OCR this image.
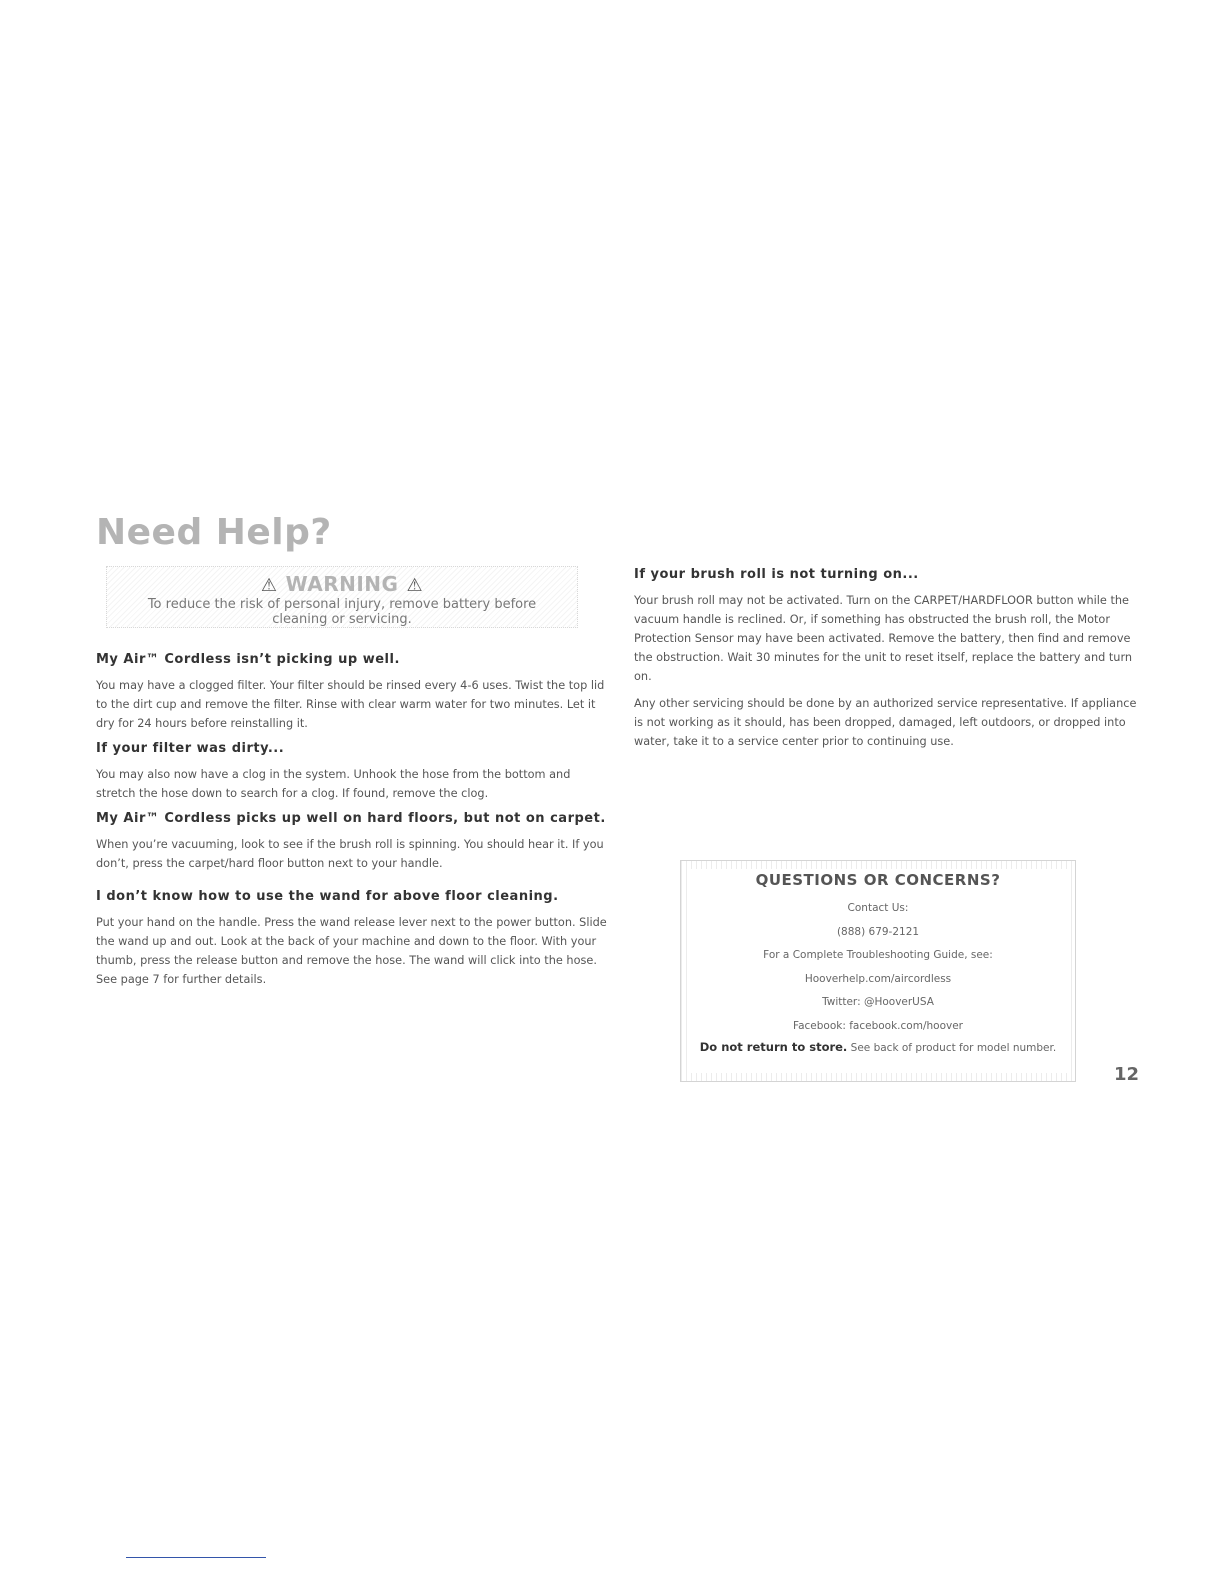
Need Help?
⚠ WARNING ⚠
To reduce the risk of personal injury, remove battery before cleaning or servicing.
My Air™ Cordless isn’t picking up well.

You may have a clogged filter. Your filter should be rinsed every 4-6 uses. Twist the top lid to the dirt cup and remove the filter. Rinse with clear warm water for two minutes. Let it dry for 24 hours before reinstalling it.

If your filter was dirty...

You may also now have a clog in the system. Unhook the hose from the bottom and stretch the hose down to search for a clog. If found, remove the clog.

My Air™ Cordless picks up well on hard floors, but not on carpet.

When you’re vacuuming, look to see if the brush roll is spinning. You should hear it. If you don’t, press the carpet/hard floor button next to your handle.

I don’t know how to use the wand for above floor cleaning.

Put your hand on the handle. Press the wand release lever next to the power button. Slide the wand up and out. Look at the back of your machine and down to the floor. With your thumb, press the release button and remove the hose. The wand will click into the hose. See page 7 for further details.

If your brush roll is not turning on...

Your brush roll may not be activated. Turn on the CARPET/HARDFLOOR button while the vacuum handle is reclined. Or, if something has obstructed the brush roll, the Motor Protection Sensor may have been activated. Remove the battery, then find and remove the obstruction. Wait 30 minutes for the unit to reset itself, replace the battery and turn on.

Any other servicing should be done by an authorized service representative. If appliance is not working as it should, has been dropped, damaged, left outdoors, or dropped into water, take it to a service center prior to continuing use.

QUESTIONS OR CONCERNS?
Contact Us:
(888) 679-2121
For a Complete Troubleshooting Guide, see:
Hooverhelp.com/aircordless
Twitter: @HooverUSA
Facebook: facebook.com/hoover
Do not return to store. See back of product for model number.
12
